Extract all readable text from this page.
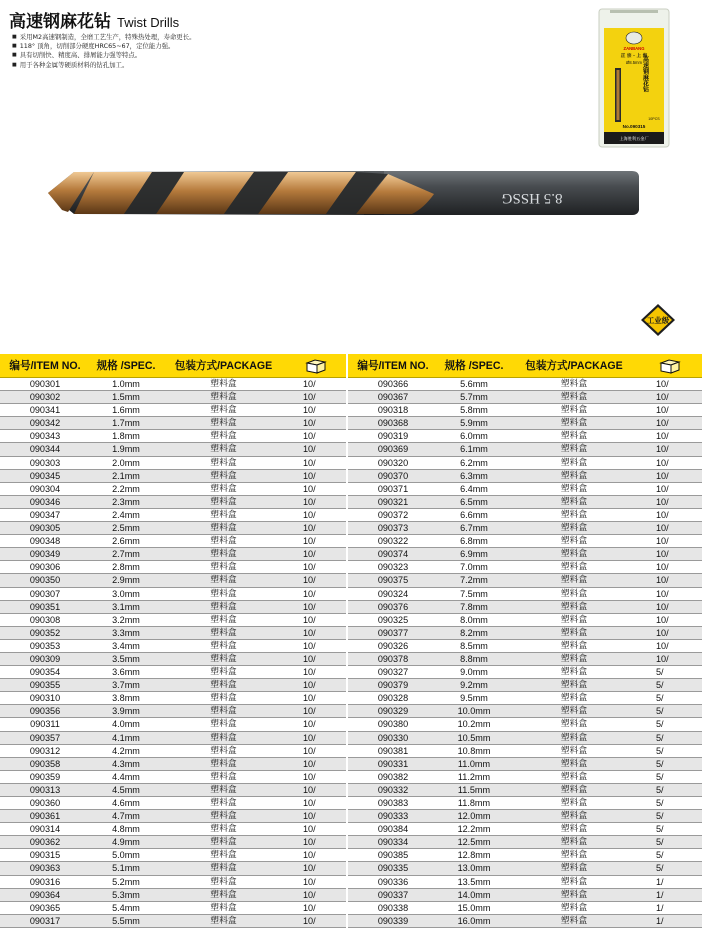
高速钢麻花钻 Twist Drills
■ 采用M2高速钢制造，全磨工艺生产，特殊热处理，寿命更长。
■ 118° 顶角，切削部分硬度HRC65~67，定位能力强。
■ 具有切削快、精度高、排屑能力强等特点。
■ 用于各种金属等硬质材料的钻孔加工。
ZANBANG
正 宗 · 上 海
Ø8.5mm 高速钢麻花钻
10PCS
No.090315
上海胜利五金厂
8.5 HSSG
工业级
编号/ITEM NO.	规格 /SPEC.	包装方式/PACKAGE	
090301	1.0mm	塑料盒	10/
090302	1.5mm	塑料盒	10/
090341	1.6mm	塑料盒	10/
090342	1.7mm	塑料盒	10/
090343	1.8mm	塑料盒	10/
090344	1.9mm	塑料盒	10/
090303	2.0mm	塑料盒	10/
090345	2.1mm	塑料盒	10/
090304	2.2mm	塑料盒	10/
090346	2.3mm	塑料盒	10/
090347	2.4mm	塑料盒	10/
090305	2.5mm	塑料盒	10/
090348	2.6mm	塑料盒	10/
090349	2.7mm	塑料盒	10/
090306	2.8mm	塑料盒	10/
090350	2.9mm	塑料盒	10/
090307	3.0mm	塑料盒	10/
090351	3.1mm	塑料盒	10/
090308	3.2mm	塑料盒	10/
090352	3.3mm	塑料盒	10/
090353	3.4mm	塑料盒	10/
090309	3.5mm	塑料盒	10/
090354	3.6mm	塑料盒	10/
090355	3.7mm	塑料盒	10/
090310	3.8mm	塑料盒	10/
090356	3.9mm	塑料盒	10/
090311	4.0mm	塑料盒	10/
090357	4.1mm	塑料盒	10/
090312	4.2mm	塑料盒	10/
090358	4.3mm	塑料盒	10/
090359	4.4mm	塑料盒	10/
090313	4.5mm	塑料盒	10/
090360	4.6mm	塑料盒	10/
090361	4.7mm	塑料盒	10/
090314	4.8mm	塑料盒	10/
090362	4.9mm	塑料盒	10/
090315	5.0mm	塑料盒	10/
090363	5.1mm	塑料盒	10/
090316	5.2mm	塑料盒	10/
090364	5.3mm	塑料盒	10/
090365	5.4mm	塑料盒	10/
090317	5.5mm	塑料盒	10/
编号/ITEM NO.	规格 /SPEC.	包装方式/PACKAGE	
090366	5.6mm	塑料盒	10/
090367	5.7mm	塑料盒	10/
090318	5.8mm	塑料盒	10/
090368	5.9mm	塑料盒	10/
090319	6.0mm	塑料盒	10/
090369	6.1mm	塑料盒	10/
090320	6.2mm	塑料盒	10/
090370	6.3mm	塑料盒	10/
090371	6.4mm	塑料盒	10/
090321	6.5mm	塑料盒	10/
090372	6.6mm	塑料盒	10/
090373	6.7mm	塑料盒	10/
090322	6.8mm	塑料盒	10/
090374	6.9mm	塑料盒	10/
090323	7.0mm	塑料盒	10/
090375	7.2mm	塑料盒	10/
090324	7.5mm	塑料盒	10/
090376	7.8mm	塑料盒	10/
090325	8.0mm	塑料盒	10/
090377	8.2mm	塑料盒	10/
090326	8.5mm	塑料盒	10/
090378	8.8mm	塑料盒	10/
090327	9.0mm	塑料盒	5/
090379	9.2mm	塑料盒	5/
090328	9.5mm	塑料盒	5/
090329	10.0mm	塑料盒	5/
090380	10.2mm	塑料盒	5/
090330	10.5mm	塑料盒	5/
090381	10.8mm	塑料盒	5/
090331	11.0mm	塑料盒	5/
090382	11.2mm	塑料盒	5/
090332	11.5mm	塑料盒	5/
090383	11.8mm	塑料盒	5/
090333	12.0mm	塑料盒	5/
090384	12.2mm	塑料盒	5/
090334	12.5mm	塑料盒	5/
090385	12.8mm	塑料盒	5/
090335	13.0mm	塑料盒	5/
090336	13.5mm	塑料盒	1/
090337	14.0mm	塑料盒	1/
090338	15.0mm	塑料盒	1/
090339	16.0mm	塑料盒	1/
